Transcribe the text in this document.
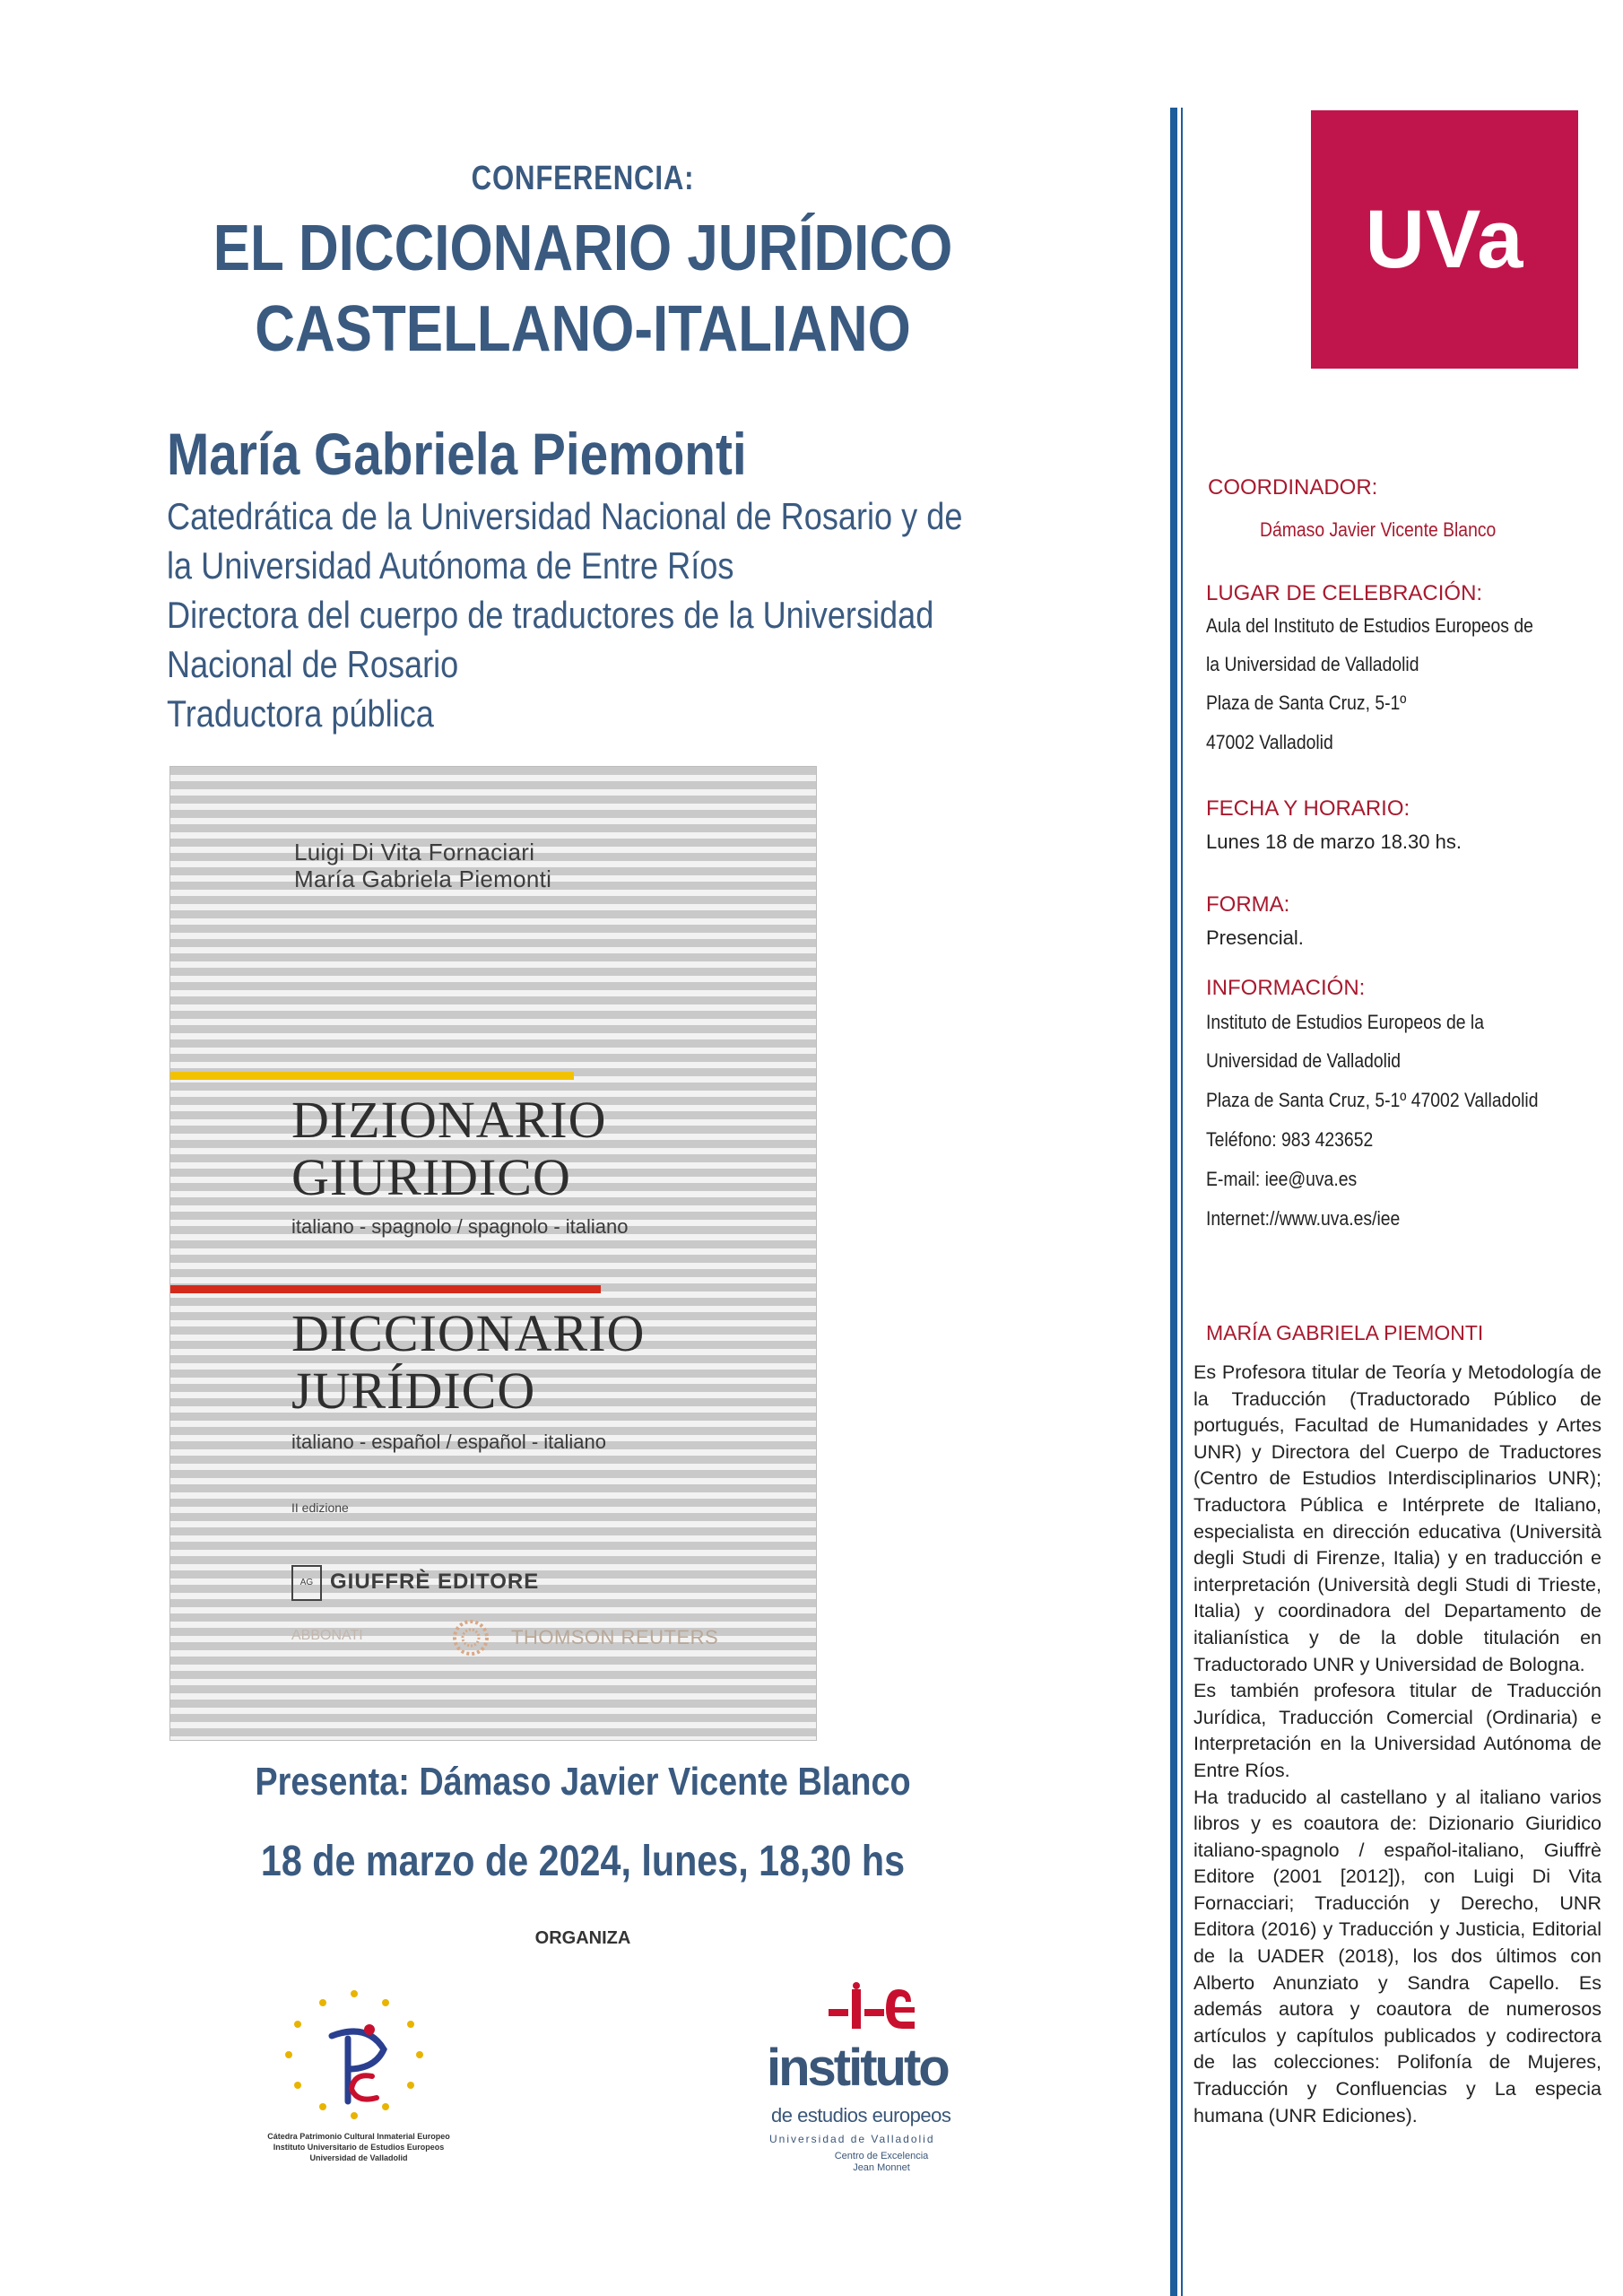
CONFERENCIA:
EL DICCIONARIO JURÍDICO
CASTELLANO-ITALIANO
María Gabriela Piemonti
Catedrática de la Universidad Nacional de Rosario y de
la Universidad Autónoma de Entre Ríos
Directora del cuerpo de traductores de la Universidad
Nacional de Rosario
Traductora pública
Luigi Di Vita Fornaciari
María Gabriela Piemonti
DIZIONARIO
GIURIDICO
italiano - spagnolo / spagnolo - italiano
DICCIONARIO
JURÍDICO
italiano - español / español - italiano
II edizione
AG GIUFFRÈ EDITORE
ABBONATI	THOMSON REUTERS
Presenta: Dámaso Javier Vicente Blanco
18 de marzo de 2024, lunes, 18,30 hs
ORGANIZA
Cátedra Patrimonio Cultural Inmaterial Europeo
Instituto Universitario de Estudios Europeos
Universidad de Valladolid
instituto
de estudios europeos
Universidad de Valladolid
Centro de Excelencia
Jean Monnet
UVa
COORDINADOR:
Dámaso Javier Vicente Blanco
LUGAR DE CELEBRACIÓN:
Aula del Instituto de Estudios Europeos de
la Universidad de Valladolid
Plaza de Santa Cruz, 5-1º
47002 Valladolid
FECHA Y HORARIO:
Lunes 18 de marzo 18.30 hs.
FORMA:
Presencial.
INFORMACIÓN:
Instituto de Estudios Europeos de la
Universidad de Valladolid
Plaza de Santa Cruz, 5-1º 47002 Valladolid
Teléfono: 983 423652
E-mail: iee@uva.es
Internet://www.uva.es/iee
MARÍA GABRIELA PIEMONTI

Es Profesora titular de Teoría y Metodología de la Traducción (Traductorado Público de portugués, Facultad de Humanidades y Artes UNR) y Directora del Cuerpo de Traductores (Centro de Estudios Interdisciplinarios UNR); Traductora Pública e Intérprete de Italiano, especialista en dirección educativa (Università degli Studi di Firenze, Italia) y en traducción e interpretación (Università degli Studi di Trieste, Italia) y coordinadora del Departamento de italianística y de la doble titulación en Traductorado UNR y Universidad de Bologna.

Es también profesora titular de Traducción Jurídica, Traducción Comercial (Ordinaria) e Interpretación en la Universidad Autónoma de Entre Ríos.

Ha traducido al castellano y al italiano varios libros y es coautora de: Dizionario Giuridico italiano-spagnolo / español-italiano, Giuffrè Editore (2001 [2012]), con Luigi Di Vita Fornacciari; Traducción y Derecho, UNR Editora (2016) y Traducción y Justicia, Editorial de la UADER (2018), los dos últimos con Alberto Anunziato y Sandra Capello. Es además autora y coautora de numerosos artículos y capítulos publicados y codirectora de las colecciones: Polifonía de Mujeres, Traducción y Confluencias y La especia humana (UNR Ediciones).
